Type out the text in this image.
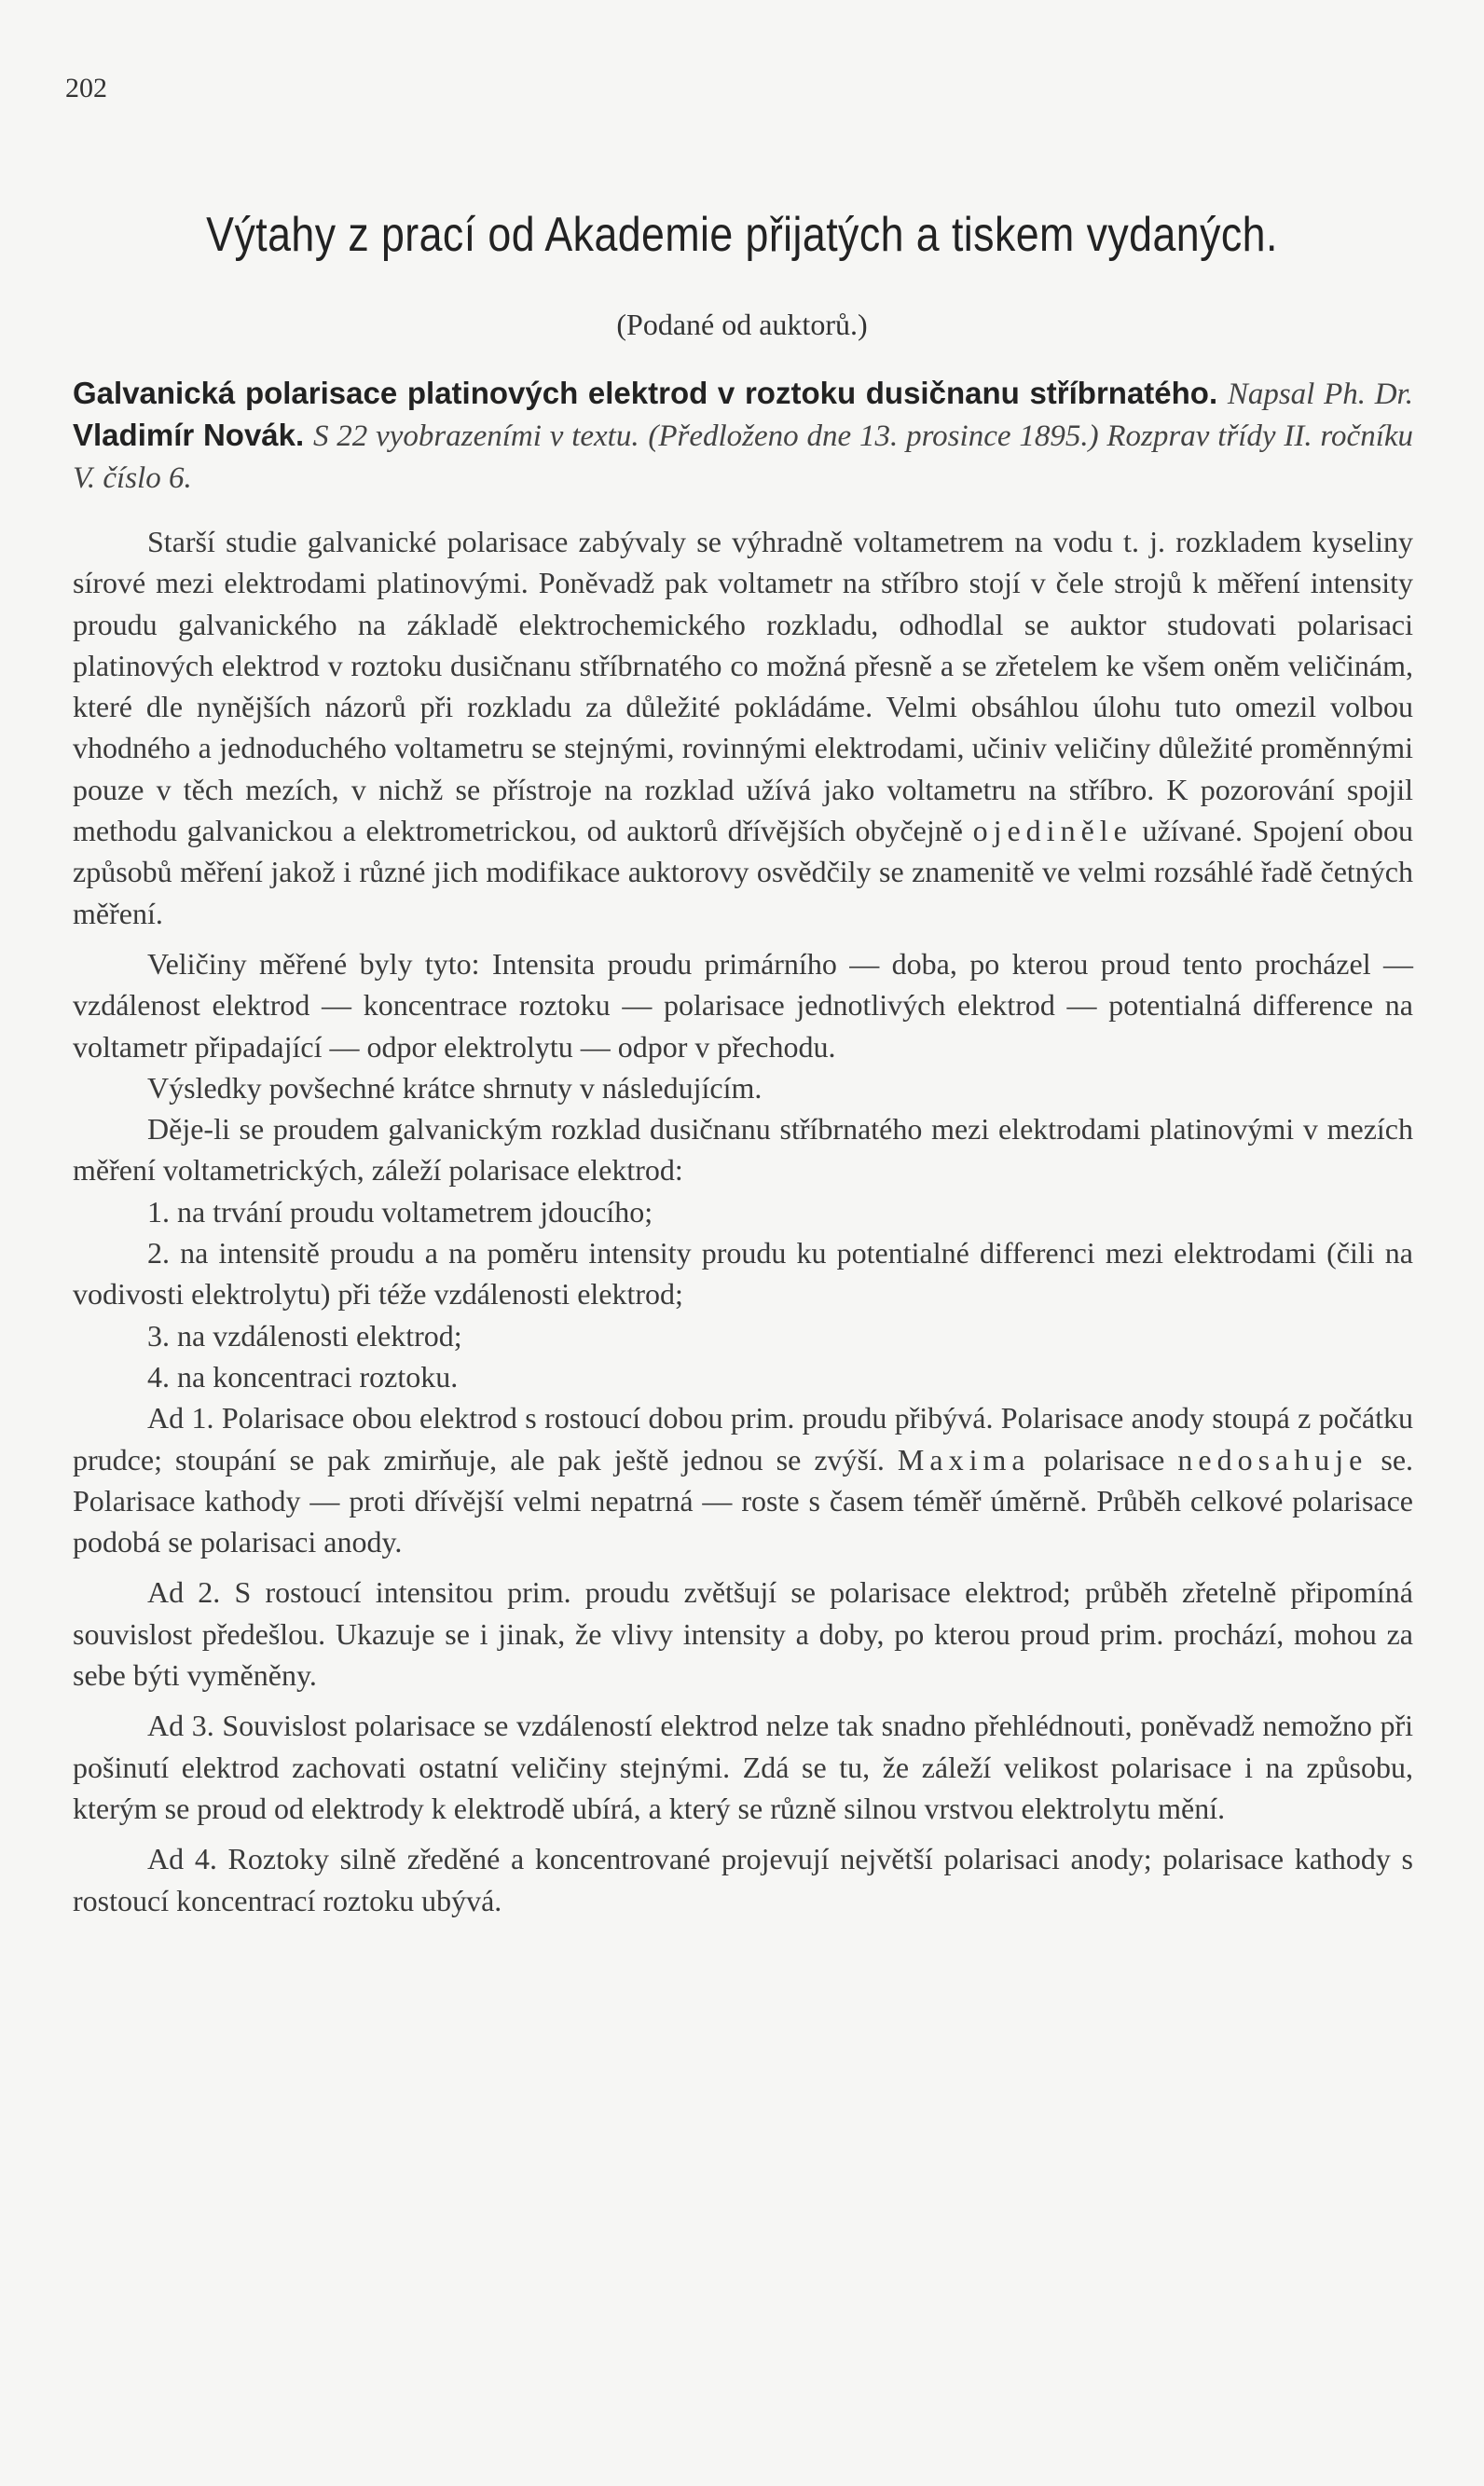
202
Výtahy z prací od Akademie přijatých a tiskem vydaných.
(Podané od auktorů.)
Galvanická polarisace platinových elektrod v roztoku dusičnanu stříbrnatého. Napsal Ph. Dr. Vladimír Novák. S 22 vyobrazeními v textu. (Předloženo dne 13. prosince 1895.) Rozprav třídy II. ročníku V. číslo 6.

Starší studie galvanické polarisace zabývaly se výhradně voltametrem na vodu t. j. rozkladem kyseliny sírové mezi elektrodami platinovými. Poněvadž pak voltametr na stříbro stojí v čele strojů k měření intensity proudu galvanického na základě elektrochemického rozkladu, odhodlal se auktor studovati polarisaci platinových elektrod v roztoku dusičnanu stříbrnatého co možná přesně a se zřetelem ke všem oněm veličinám, které dle nynějších názorů při rozkladu za důležité pokládáme. Velmi obsáhlou úlohu tuto omezil volbou vhodného a jednoduchého voltametru se stejnými, rovinnými elektrodami, učiniv veličiny důležité proměnnými pouze v těch mezích, v nichž se přístroje na rozklad užívá jako voltametru na stříbro. K pozorování spojil methodu galvanickou a elektrometrickou, od auktorů dřívějších obyčejně ojediněle užívané. Spojení obou způsobů měření jakož i různé jich modifikace auktorovy osvědčily se znamenitě ve velmi rozsáhlé řadě četných měření.

Veličiny měřené byly tyto: Intensita proudu primárního — doba, po kterou proud tento procházel — vzdálenost elektrod — koncentrace roztoku — polarisace jednotlivých elektrod — potentialná difference na voltametr připadající — odpor elektrolytu — odpor v přechodu.

Výsledky povšechné krátce shrnuty v následujícím.

Děje-li se proudem galvanickým rozklad dusičnanu stříbrnatého mezi elektrodami platinovými v mezích měření voltametrických, záleží polarisace elektrod:

1. na trvání proudu voltametrem jdoucího;
2. na intensitě proudu a na poměru intensity proudu ku potentialné differenci mezi elektrodami (čili na vodivosti elektrolytu) při téže vzdálenosti elektrod;
3. na vzdálenosti elektrod;
4. na koncentraci roztoku.

Ad 1. Polarisace obou elektrod s rostoucí dobou prim. proudu přibývá. Polarisace anody stoupá z počátku prudce; stoupání se pak zmirňuje, ale pak ještě jednou se zvýší. Maxima polarisace nedosahuje se. Polarisace kathody — proti dřívější velmi nepatrná — roste s časem téměř úměrně. Průběh celkové polarisace podobá se polarisaci anody.

Ad 2. S rostoucí intensitou prim. proudu zvětšují se polarisace elektrod; průběh zřetelně připomíná souvislost předešlou. Ukazuje se i jinak, že vlivy intensity a doby, po kterou proud prim. prochází, mohou za sebe býti vyměněny.

Ad 3. Souvislost polarisace se vzdáleností elektrod nelze tak snadno přehlédnouti, poněvadž nemožno při pošinutí elektrod zachovati ostatní veličiny stejnými. Zdá se tu, že záleží velikost polarisace i na způsobu, kterým se proud od elektrody k elektrodě ubírá, a který se různě silnou vrstvou elektrolytu mění.

Ad 4. Roztoky silně zředěné a koncentrované projevují největší polarisaci anody; polarisace kathody s rostoucí koncentrací roztoku ubývá.
